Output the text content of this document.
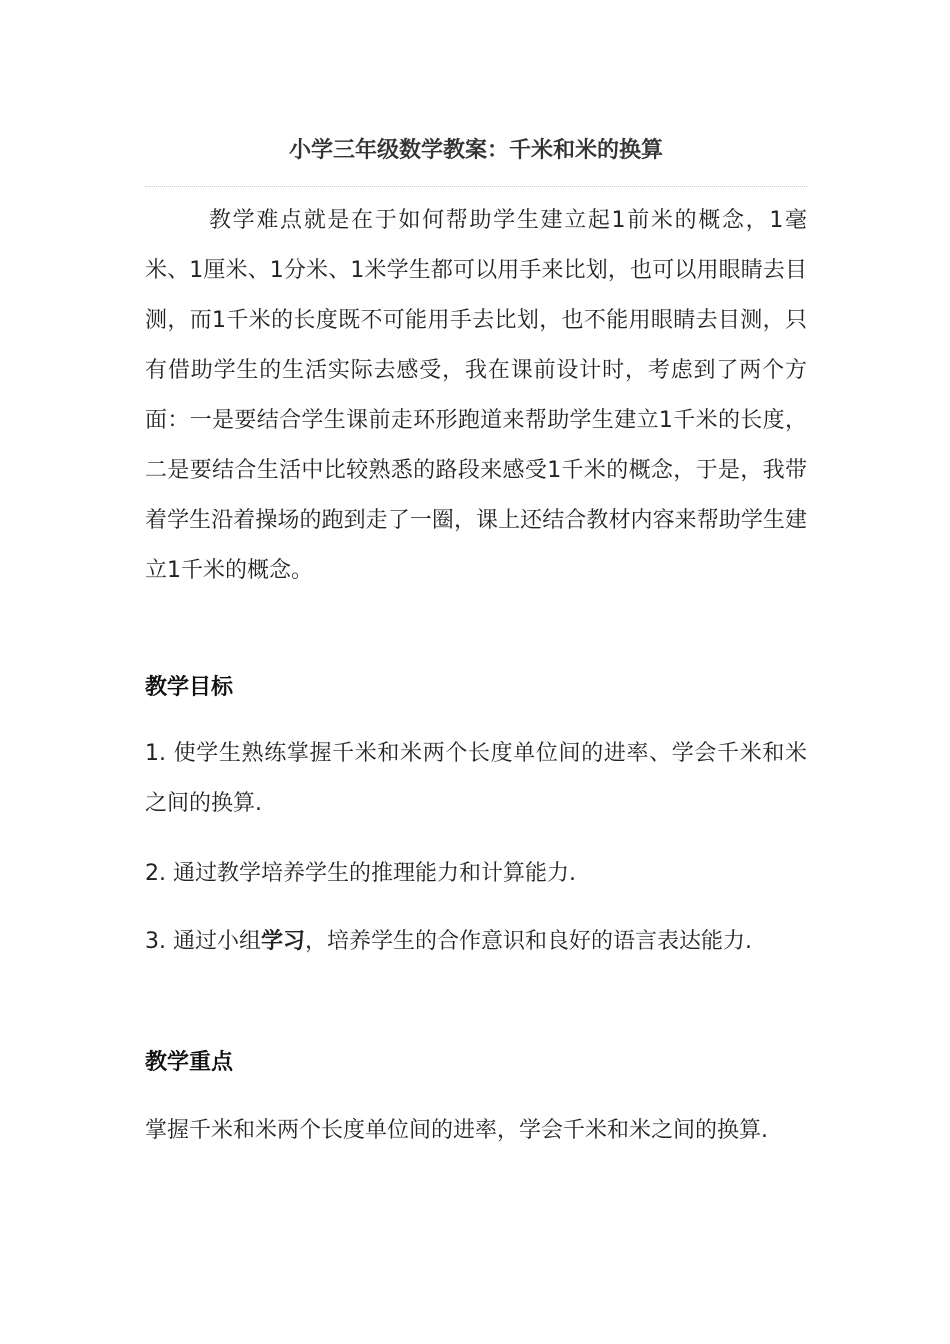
小学三年级数学教案：千米和米的换算

教学难点就是在于如何帮助学生建立起1前米的概念，1毫米、1厘米、1分米、1米学生都可以用手来比划，也可以用眼睛去目测，而1千米的长度既不可能用手去比划，也不能用眼睛去目测，只有借助学生的生活实际去感受，我在课前设计时，考虑到了两个方面：一是要结合学生课前走环形跑道来帮助学生建立1千米的长度，二是要结合生活中比较熟悉的路段来感受1千米的概念，于是，我带着学生沿着操场的跑到走了一圈，课上还结合教材内容来帮助学生建立1千米的概念。

教学目标

1. 使学生熟练掌握千米和米两个长度单位间的进率、学会千米和米之间的换算.

2. 通过教学培养学生的推理能力和计算能力.

3. 通过小组学习，培养学生的合作意识和良好的语言表达能力.

教学重点

掌握千米和米两个长度单位间的进率，学会千米和米之间的换算.
